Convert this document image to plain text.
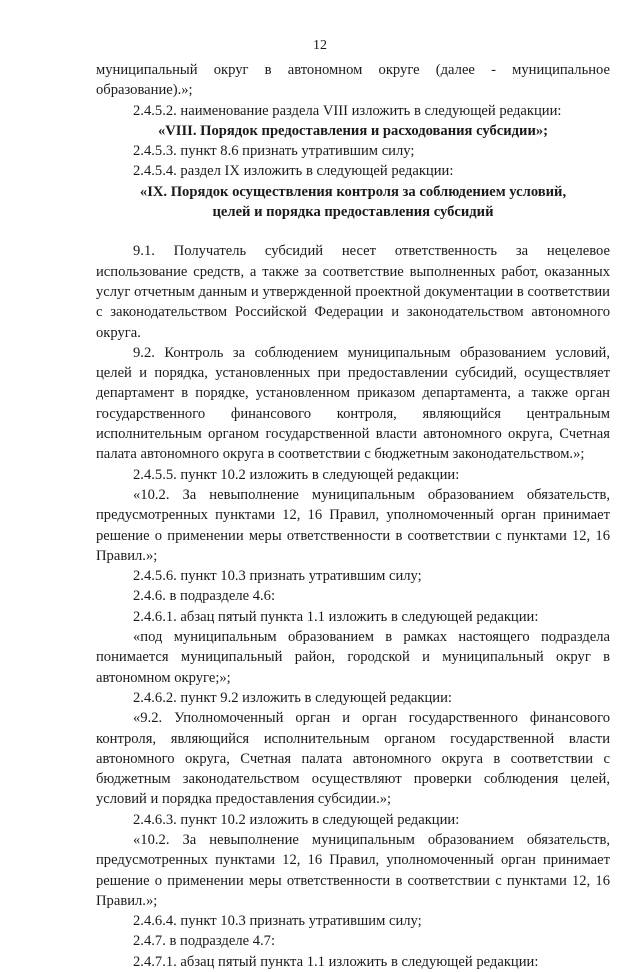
12

муниципальный округ в автономном округе (далее - муниципальное образование).»;

2.4.5.2. наименование раздела VIII изложить в следующей редакции:

«VIII. Порядок предоставления и расходования субсидии»;

2.4.5.3. пункт 8.6 признать утратившим силу;

2.4.5.4. раздел IX изложить в следующей редакции:

«IX. Порядок осуществления контроля за соблюдением условий,

целей и порядка предоставления субсидий

9.1. Получатель субсидий несет ответственность за нецелевое использование средств, а также за соответствие выполненных работ, оказанных услуг отчетным данным и утвержденной проектной документации в соответствии с законодательством Российской Федерации и законодательством автономного округа.

9.2. Контроль за соблюдением муниципальным образованием условий, целей и порядка, установленных при предоставлении субсидий, осуществляет департамент в порядке, установленном приказом департамента, а также орган государственного финансового контроля, являющийся центральным исполнительным органом государственной власти автономного округа, Счетная палата автономного округа в соответствии с бюджетным законодательством.»;

2.4.5.5. пункт 10.2 изложить в следующей редакции:

«10.2. За невыполнение муниципальным образованием обязательств, предусмотренных пунктами 12, 16 Правил, уполномоченный орган принимает решение о применении меры ответственности в соответствии с пунктами 12, 16 Правил.»;

2.4.5.6. пункт 10.3 признать утратившим силу;

2.4.6. в подразделе 4.6:

2.4.6.1. абзац пятый пункта 1.1 изложить в следующей редакции:

«под муниципальным образованием в рамках настоящего подраздела понимается муниципальный район, городской и муниципальный округ в автономном округе;»;

2.4.6.2. пункт 9.2 изложить в следующей редакции:

«9.2. Уполномоченный орган и орган государственного финансового контроля, являющийся исполнительным органом государственной власти автономного округа, Счетная палата автономного округа в соответствии с бюджетным законодательством осуществляют проверки соблюдения целей, условий и порядка предоставления субсидии.»;

2.4.6.3. пункт 10.2 изложить в следующей редакции:

«10.2. За невыполнение муниципальным образованием обязательств, предусмотренных пунктами 12, 16 Правил, уполномоченный орган принимает решение о применении меры ответственности в соответствии с пунктами 12, 16 Правил.»;

2.4.6.4. пункт 10.3 признать утратившим силу;

2.4.7. в подразделе 4.7:

2.4.7.1. абзац пятый пункта 1.1 изложить в следующей редакции:
